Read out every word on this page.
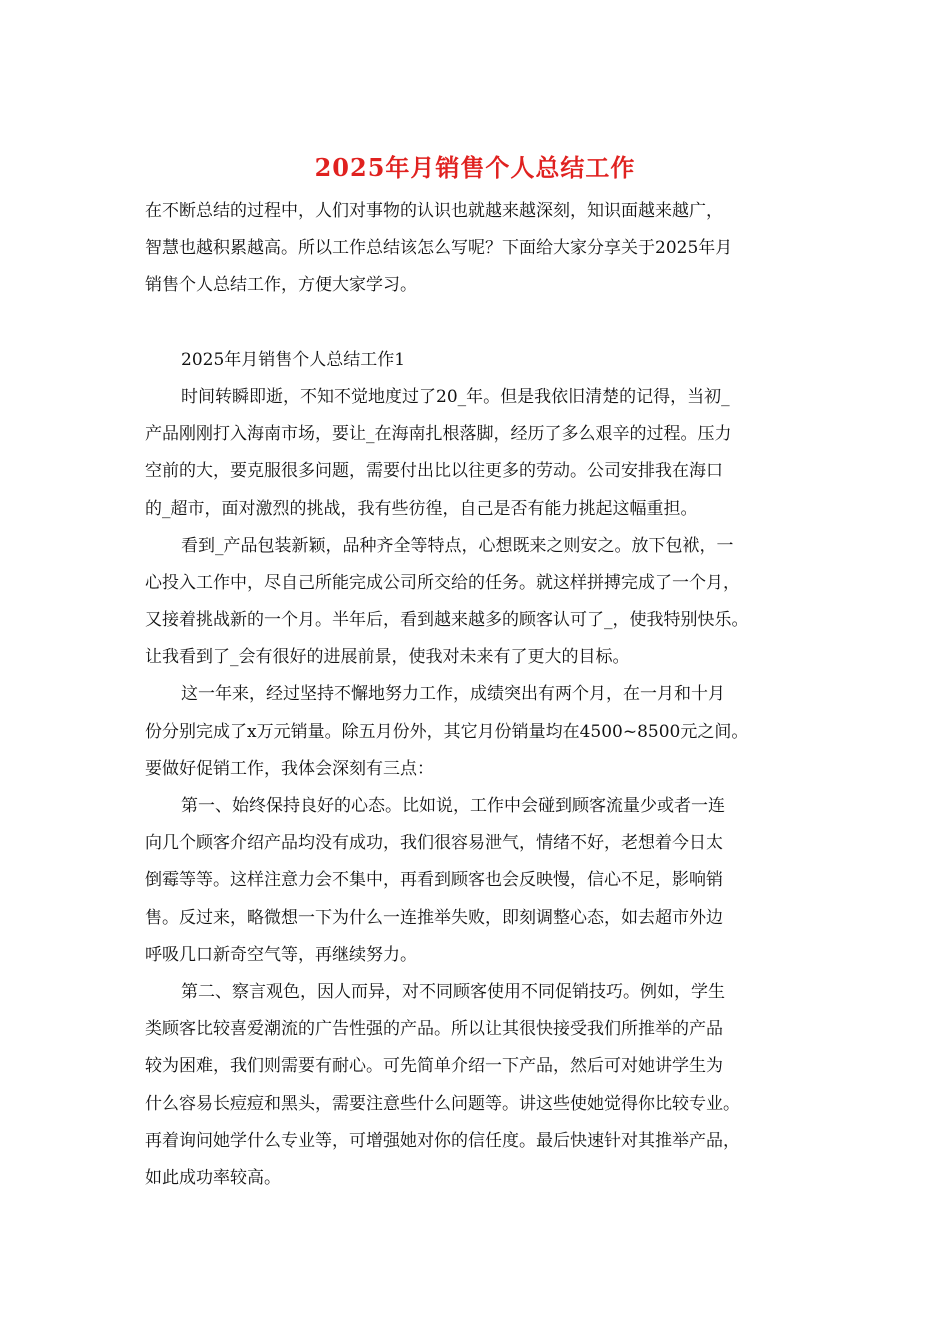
2025年月销售个人总结工作
在不断总结的过程中，人们对事物的认识也就越来越深刻，知识面越来越广，
智慧也越积累越高。所以工作总结该怎么写呢？下面给大家分享关于2025年月
销售个人总结工作，方便大家学习。
2025年月销售个人总结工作1
时间转瞬即逝，不知不觉地度过了20_年。但是我依旧清楚的记得，当初_
产品刚刚打入海南市场，要让_在海南扎根落脚，经历了多么艰辛的过程。压力
空前的大，要克服很多问题，需要付出比以往更多的劳动。公司安排我在海口
的_超市，面对激烈的挑战，我有些彷徨，自己是否有能力挑起这幅重担。
看到_产品包装新颖，品种齐全等特点，心想既来之则安之。放下包袱，一
心投入工作中，尽自己所能完成公司所交给的任务。就这样拼搏完成了一个月，
又接着挑战新的一个月。半年后，看到越来越多的顾客认可了_，使我特别快乐。
让我看到了_会有很好的进展前景，使我对未来有了更大的目标。
这一年来，经过坚持不懈地努力工作，成绩突出有两个月，在一月和十月
份分别完成了x万元销量。除五月份外，其它月份销量均在4500~8500元之间。
要做好促销工作，我体会深刻有三点：
第一、始终保持良好的心态。比如说，工作中会碰到顾客流量少或者一连
向几个顾客介绍产品均没有成功，我们很容易泄气，情绪不好，老想着今日太
倒霉等等。这样注意力会不集中，再看到顾客也会反映慢，信心不足，影响销
售。反过来，略微想一下为什么一连推举失败，即刻调整心态，如去超市外边
呼吸几口新奇空气等，再继续努力。
第二、察言观色，因人而异，对不同顾客使用不同促销技巧。例如，学生
类顾客比较喜爱潮流的广告性强的产品。所以让其很快接受我们所推举的产品
较为困难，我们则需要有耐心。可先简单介绍一下产品，然后可对她讲学生为
什么容易长痘痘和黑头，需要注意些什么问题等。讲这些使她觉得你比较专业。
再着询问她学什么专业等，可增强她对你的信任度。最后快速针对其推举产品，
如此成功率较高。
